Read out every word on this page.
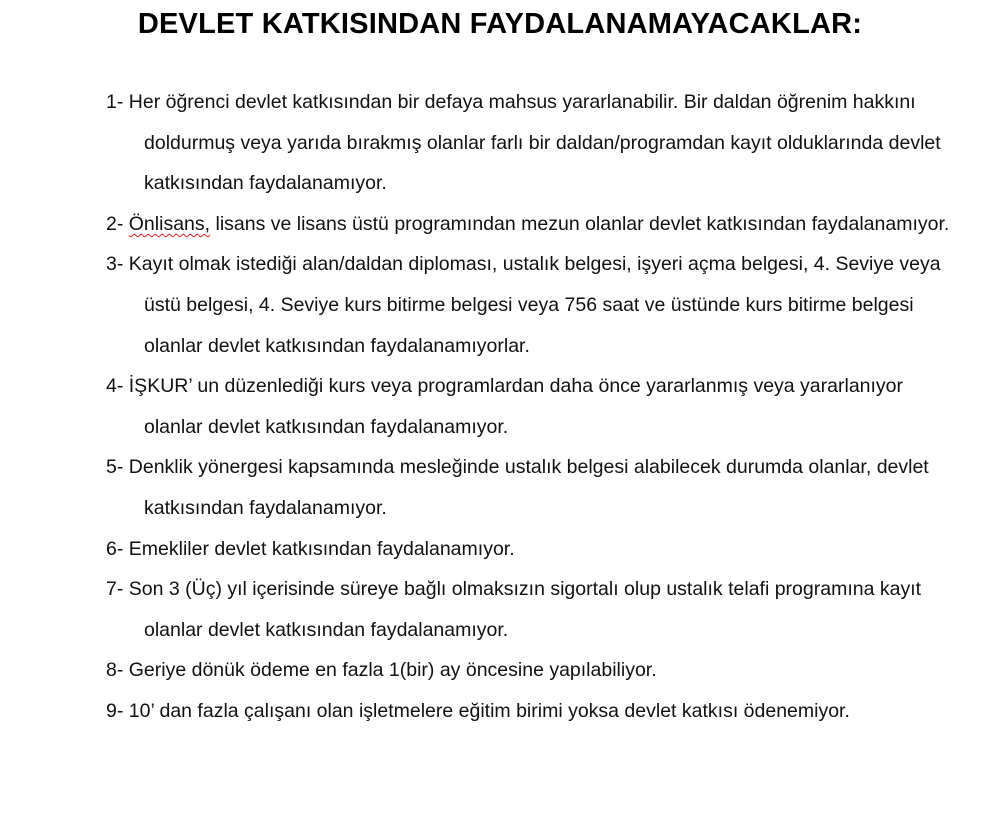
DEVLET KATKISINDAN FAYDALANAMAYACAKLAR:
1- Her öğrenci devlet katkısından bir defaya mahsus yararlanabilir. Bir daldan öğrenim hakkını doldurmuş veya yarıda bırakmış olanlar farlı bir daldan/programdan kayıt olduklarında devlet katkısından faydalanamıyor.
2- Önlisans, lisans ve lisans üstü programından mezun olanlar devlet katkısından faydalanamıyor.
3- Kayıt olmak istediği alan/daldan diploması, ustalık belgesi, işyeri açma belgesi, 4. Seviye veya üstü belgesi, 4. Seviye kurs bitirme belgesi veya 756 saat ve üstünde kurs bitirme belgesi olanlar devlet katkısından faydalanamıyorlar.
4- İŞKUR’ un düzenlediği kurs veya programlardan daha önce yararlanmış veya yararlanıyor olanlar devlet katkısından faydalanamıyor.
5- Denklik yönergesi kapsamında mesleğinde ustalık belgesi alabilecek durumda olanlar, devlet katkısından faydalanamıyor.
6- Emekliler devlet katkısından faydalanamıyor.
7- Son 3 (Üç) yıl içerisinde süreye bağlı olmaksızın sigortalı olup ustalık telafi programına kayıt olanlar devlet katkısından faydalanamıyor.
8- Geriye dönük ödeme en fazla 1(bir) ay öncesine yapılabiliyor.
9- 10’ dan fazla çalışanı olan işletmelere eğitim birimi yoksa devlet katkısı ödenemiyor.
